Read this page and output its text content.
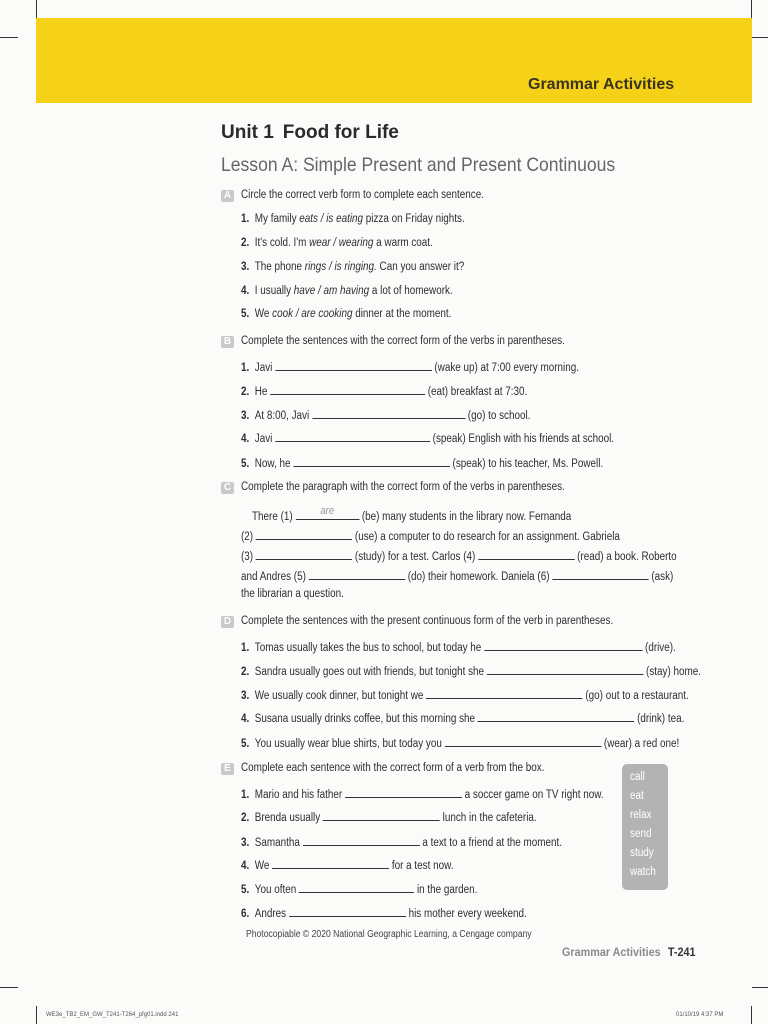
Grammar Activities
Unit 1 Food for Life
Lesson A: Simple Present and Present Continuous
A Circle the correct verb form to complete each sentence.
1. My family eats / is eating pizza on Friday nights.
2. It's cold. I'm wear / wearing a warm coat.
3. The phone rings / is ringing. Can you answer it?
4. I usually have / am having a lot of homework.
5. We cook / are cooking dinner at the moment.
B Complete the sentences with the correct form of the verbs in parentheses.
1. Javi	(wake up) at 7:00 every morning.
2. He	(eat) breakfast at 7:30.
3. At 8:00, Javi	(go) to school.
4. Javi	(speak) English with his friends at school.
5. Now, he	(speak) to his teacher, Ms. Powell.
C Complete the paragraph with the correct form of the verbs in parentheses.
There (1)	are	(be) many students in the library now. Fernanda
(2)	(use) a computer to do research for an assignment. Gabriela
(3)	(study) for a test. Carlos (4)	(read) a book. Roberto
and Andres (5)	(do) their homework. Daniela (6)	(ask)
the librarian a question.
D Complete the sentences with the present continuous form of the verb in parentheses.
1. Tomas usually takes the bus to school, but today he	(drive).
2. Sandra usually goes out with friends, but tonight she	(stay) home.
3. We usually cook dinner, but tonight we	(go) out to a restaurant.
4. Susana usually drinks coffee, but this morning she	(drink) tea.
5. You usually wear blue shirts, but today you	(wear) a red one!
E Complete each sentence with the correct form of a verb from the box.
1. Mario and his father	a soccer game on TV right now.
2. Brenda usually	lunch in the cafeteria.
3. Samantha	a text to a friend at the moment.
4. We	for a test now.
5. You often	in the garden.
6. Andres	his mother every weekend.
call
eat
relax
send
study
watch
Photocopiable © 2020 National Geographic Learning, a Cengage company
Grammar Activities T-241
WE3e_TB2_EM_GW_T241-T264_pfg01.indd 241	01/10/19 4:37 PM
